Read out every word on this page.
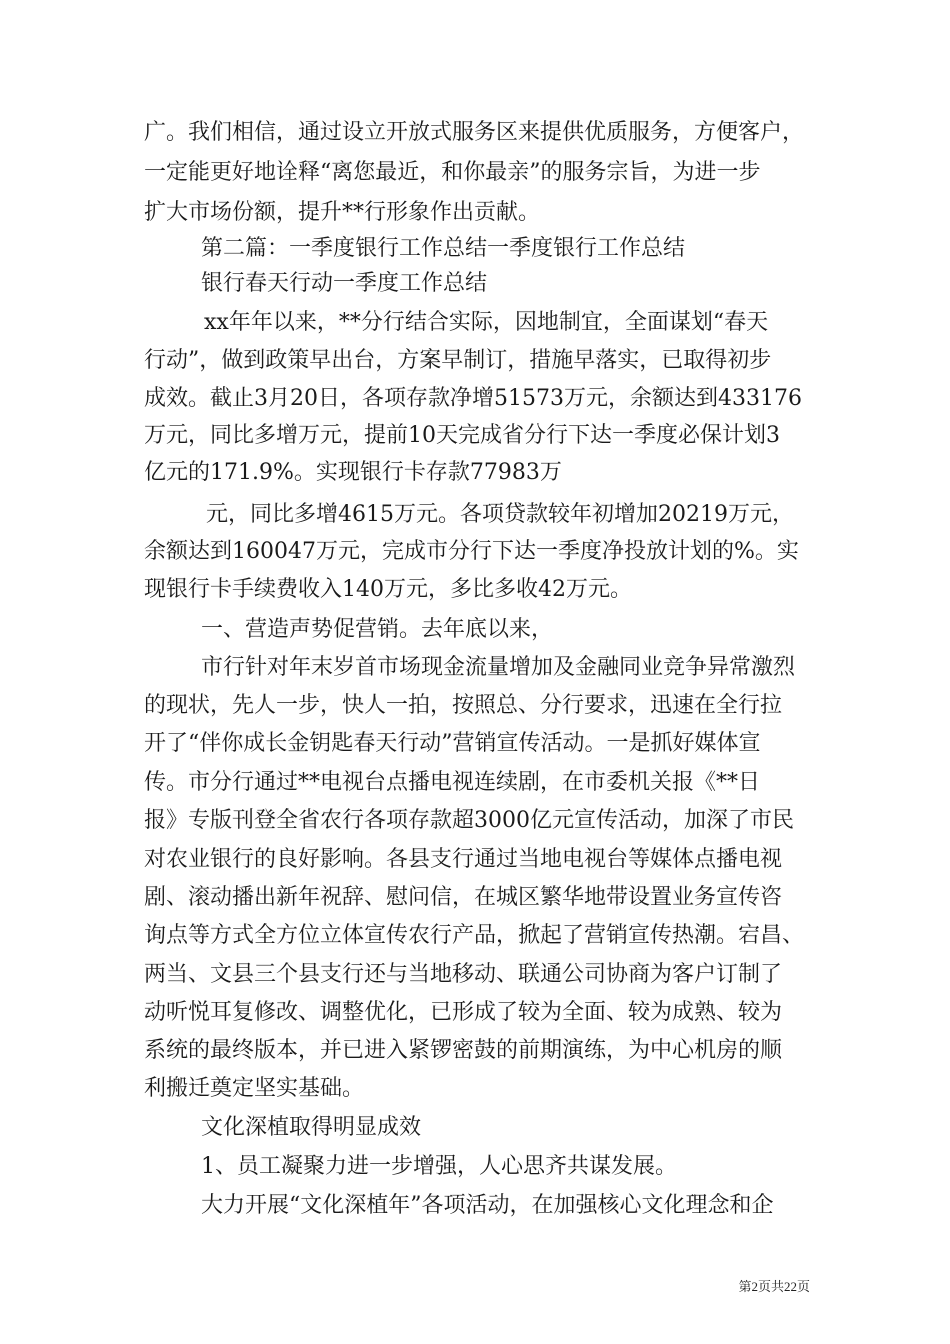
广。我们相信，通过设立开放式服务区来提供优质服务，方便客户，
一定能更好地诠释“离您最近，和你最亲”的服务宗旨，为进一步
扩大市场份额，提升**行形象作出贡献。
第二篇：一季度银行工作总结一季度银行工作总结
银行春天行动一季度工作总结
xx年年以来，**分行结合实际，因地制宜，全面谋划“春天
行动”，做到政策早出台，方案早制订，措施早落实，已取得初步
成效。截止3月20日，各项存款净增51573万元，余额达到433176
万元，同比多增万元，提前10天完成省分行下达一季度必保计划3
亿元的171.9%。实现银行卡存款77983万
元，同比多增4615万元。各项贷款较年初增加20219万元，
余额达到160047万元，完成市分行下达一季度净投放计划的%。实
现银行卡手续费收入140万元，多比多收42万元。
一、营造声势促营销。去年底以来，
市行针对年末岁首市场现金流量增加及金融同业竞争异常激烈
的现状，先人一步，快人一拍，按照总、分行要求，迅速在全行拉
开了“伴你成长金钥匙春天行动”营销宣传活动。一是抓好媒体宣
传。市分行通过**电视台点播电视连续剧，在市委机关报《**日
报》专版刊登全省农行各项存款超3000亿元宣传活动，加深了市民
对农业银行的良好影响。各县支行通过当地电视台等媒体点播电视
剧、滚动播出新年祝辞、慰问信，在城区繁华地带设置业务宣传咨
询点等方式全方位立体宣传农行产品，掀起了营销宣传热潮。宕昌、
两当、文县三个县支行还与当地移动、联通公司协商为客户订制了
动听悦耳复修改、调整优化，已形成了较为全面、较为成熟、较为
系统的最终版本，并已进入紧锣密鼓的前期演练，为中心机房的顺
利搬迁奠定坚实基础。
文化深植取得明显成效
1、员工凝聚力进一步增强，人心思齐共谋发展。
大力开展“文化深植年”各项活动，在加强核心文化理念和企
第2页共22页
